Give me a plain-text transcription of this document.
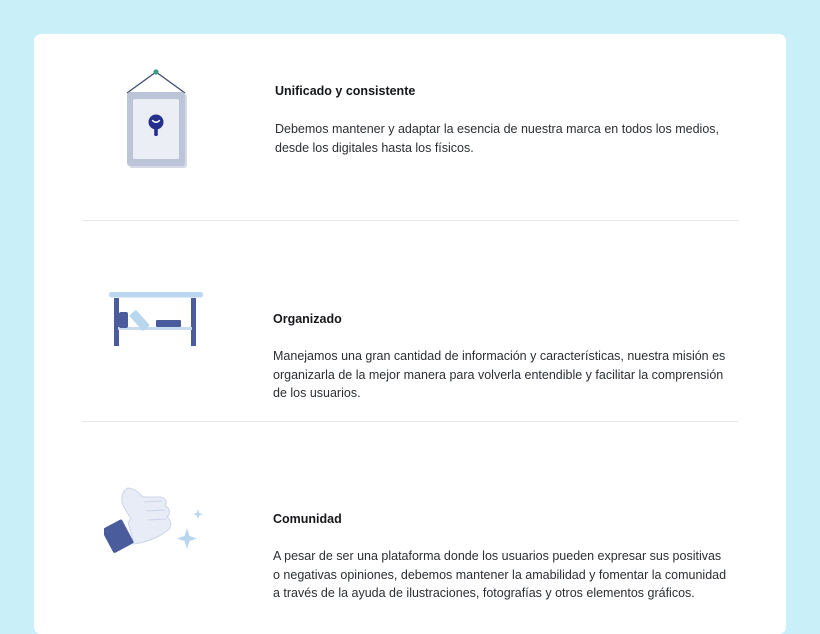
Unificado y consistente

Debemos mantener y adaptar la esencia de nuestra marca en todos los medios, desde los digitales hasta los físicos.

Organizado

Manejamos una gran cantidad de información y características, nuestra misión es organizarla de la mejor manera para volverla entendible y facilitar la comprensión de los usuarios.

Comunidad

A pesar de ser una plataforma donde los usuarios pueden expresar sus positivas o negativas opiniones, debemos mantener la amabilidad y fomentar la comunidad a través de la ayuda de ilustraciones, fotografías y otros elementos gráficos.
